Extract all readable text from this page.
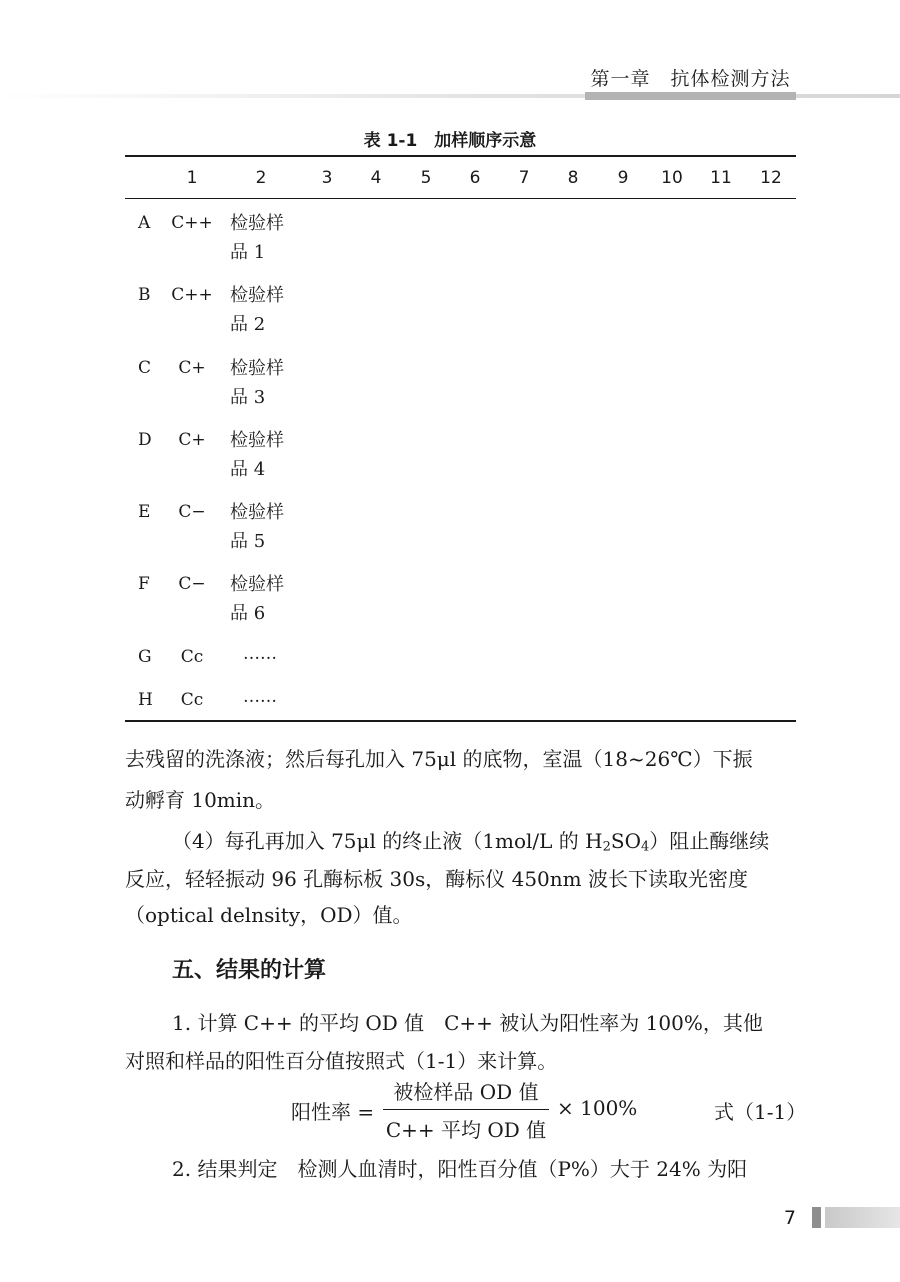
第一章　抗体检测方法
表 1-1　加样顺序示意
1	2	3 4 5 6 7 8 9 10 11 12
A C++ 检验样
品 1
B C++ 检验样
品 2
C C+ 检验样
品 3
D C+ 检验样
品 4
E C− 检验样
品 5
F C− 检验样
品 6
G Cc ……
H Cc ……

去残留的洗涤液；然后每孔加入 75μl 的底物，室温（18~26℃）下振

动孵育 10min。

（4）每孔再加入 75μl 的终止液（1mol/L 的 $H_2SO_4$）阻止酶继续

反应，轻轻振动 96 孔酶标板 30s，酶标仪 450nm 波长下读取光密度

（optical delnsity，OD）值。

五、结果的计算

1. 计算 C++ 的平均 OD 值　C++ 被认为阳性率为 100%，其他

对照和样品的阳性百分值按照式（1-1）来计算。

阳性率 =
被检样品 OD 值
C++ 平均 OD 值
× 100%	式（1-1）

2. 结果判定　检测人血清时，阳性百分值（P%）大于 24% 为阳

7
